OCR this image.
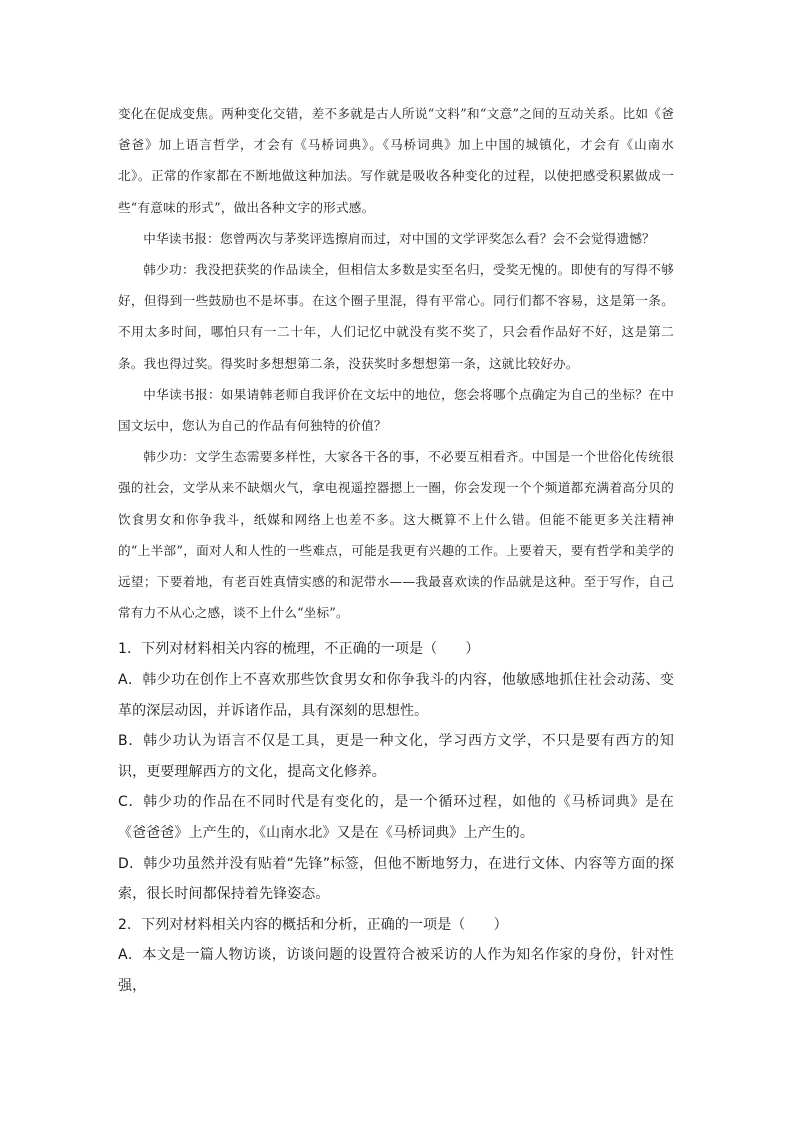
变化在促成变焦。两种变化交错，差不多就是古人所说“文料”和“文意”之间的互动关系。比如《爸爸爸》加上语言哲学，才会有《马桥词典》。《马桥词典》加上中国的城镇化，才会有《山南水北》。正常的作家都在不断地做这种加法。写作就是吸收各种变化的过程，以使把感受积累做成一些“有意味的形式”，做出各种文字的形式感。

中华读书报：您曾两次与茅奖评选擦肩而过，对中国的文学评奖怎么看？会不会觉得遗憾？

韩少功：我没把获奖的作品读全，但相信太多数是实至名归，受奖无愧的。即使有的写得不够好，但得到一些鼓励也不是坏事。在这个圈子里混，得有平常心。同行们都不容易，这是第一条。不用太多时间，哪怕只有一二十年，人们记忆中就没有奖不奖了，只会看作品好不好，这是第二条。我也得过奖。得奖时多想想第二条，没获奖时多想想第一条，这就比较好办。

中华读书报：如果请韩老师自我评价在文坛中的地位，您会将哪个点确定为自己的坐标？在中国文坛中，您认为自己的作品有何独特的价值？

韩少功：文学生态需要多样性，大家各干各的事，不必要互相看齐。中国是一个世俗化传统很强的社会，文学从来不缺烟火气，拿电视遥控器摁上一圈，你会发现一个个频道都充满着高分贝的饮食男女和你争我斗，纸媒和网络上也差不多。这大概算不上什么错。但能不能更多关注精神的“上半部”，面对人和人性的一些难点，可能是我更有兴趣的工作。上要着天，要有哲学和美学的远望；下要着地，有老百姓真情实感的和泥带水——我最喜欢读的作品就是这种。至于写作，自己常有力不从心之感，谈不上什么“坐标”。

1．下列对材料相关内容的梳理，不正确的一项是（　　）

A．韩少功在创作上不喜欢那些饮食男女和你争我斗的内容，他敏感地抓住社会动荡、变革的深层动因，并诉诸作品，具有深刻的思想性。

B．韩少功认为语言不仅是工具，更是一种文化，学习西方文学，不只是要有西方的知识，更要理解西方的文化，提高文化修养。

C．韩少功的作品在不同时代是有变化的，是一个循环过程，如他的《马桥词典》是在《爸爸爸》上产生的，《山南水北》又是在《马桥词典》上产生的。

D．韩少功虽然并没有贴着“先锋”标签，但他不断地努力，在进行文体、内容等方面的探索，很长时间都保持着先锋姿态。

2．下列对材料相关内容的概括和分析，正确的一项是（　　）

A．本文是一篇人物访谈，访谈问题的设置符合被采访的人作为知名作家的身份，针对性强，
